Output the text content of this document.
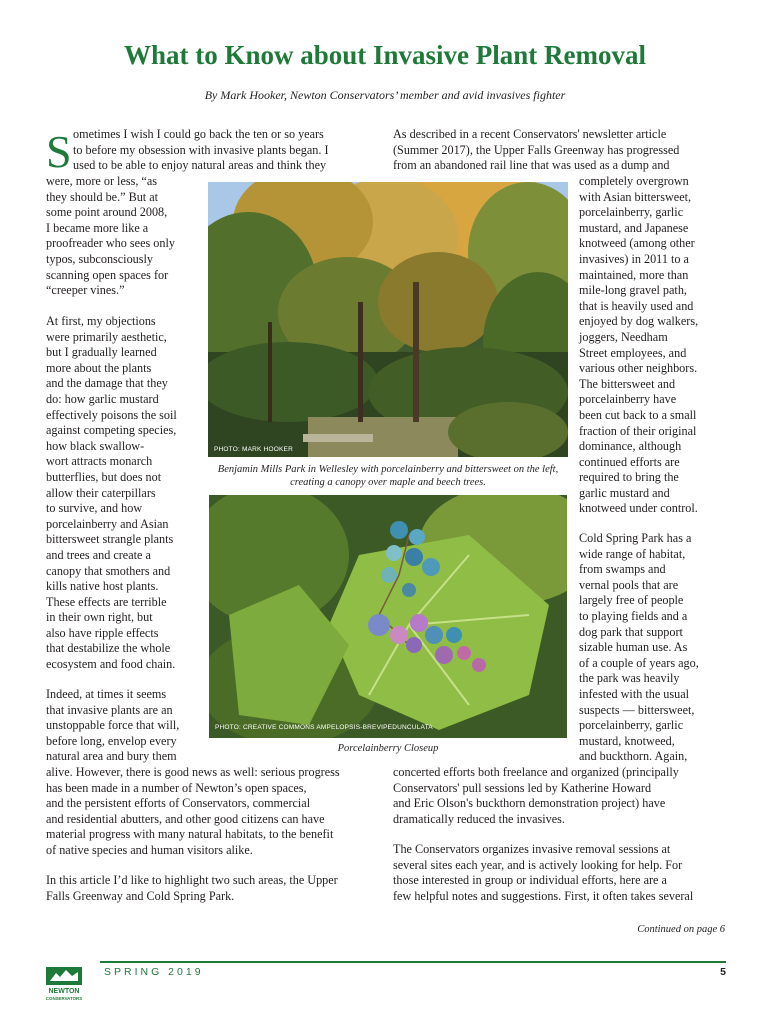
What to Know about Invasive Plant Removal
By Mark Hooker, Newton Conservators’ member and avid invasives fighter
S ometimes I wish I could go back the ten or so years
to before my obsession with invasive plants began. I
used to be able to enjoy natural areas and think they
were, more or less, “as
they should be.” But at
some point around 2008,
I became more like a
proofreader who sees only
typos, subconsciously
scanning open spaces for
“creeper vines.”
At first, my objections
were primarily aesthetic,
but I gradually learned
more about the plants
and the damage that they
do: how garlic mustard
effectively poisons the soil
against competing species,
how black swallow-
wort attracts monarch
butterflies, but does not
allow their caterpillars
to survive, and how
porcelainberry and Asian
bittersweet strangle plants
and trees and create a
canopy that smothers and
kills native host plants.
These effects are terrible
in their own right, but
also have ripple effects
that destabilize the whole
ecosystem and food chain.
Indeed, at times it seems
that invasive plants are an
unstoppable force that will,
before long, envelop every
natural area and bury them
alive. However, there is good news as well: serious progress
has been made in a number of Newton’s open spaces,
and the persistent efforts of Conservators, commercial
and residential abutters, and other good citizens can have
material progress with many natural habitats, to the benefit
of native species and human visitors alike.
In this article I’d like to highlight two such areas, the Upper
Falls Greenway and Cold Spring Park.
As described in a recent Conservators' newsletter article
(Summer 2017), the Upper Falls Greenway has progressed
from an abandoned rail line that was used as a dump and
completely overgrown
with Asian bittersweet,
porcelainberry, garlic
mustard, and Japanese
knotweed (among other
invasives) in 2011 to a
maintained, more than
mile-long gravel path,
that is heavily used and
enjoyed by dog walkers,
joggers, Needham
Street employees, and
various other neighbors.
The bittersweet and
porcelainberry have
been cut back to a small
fraction of their original
dominance, although
continued efforts are
required to bring the
garlic mustard and
knotweed under control.
Cold Spring Park has a
wide range of habitat,
from swamps and
vernal pools that are
largely free of people
to playing fields and a
dog park that support
sizable human use. As
of a couple of years ago,
the park was heavily
infested with the usual
suspects — bittersweet,
porcelainberry, garlic
mustard, knotweed,
and buckthorn. Again,
concerted efforts both freelance and organized (principally
Conservators' pull sessions led by Katherine Howard
and Eric Olson's buckthorn demonstration project) have
dramatically reduced the invasives.
The Conservators organizes invasive removal sessions at
several sites each year, and is actively looking for help. For
those interested in group or individual efforts, here are a
few helpful notes and suggestions. First, it often takes several
PHOTO: MARK HOOKER
Benjamin Mills Park in Wellesley with porcelainberry and bittersweet on the left,
creating a canopy over maple and beech trees.
PHOTO: CREATIVE COMMONS AMPELOPSIS-BREVIPEDUNCULATA
Porcelainberry Closeup
Continued on page 6
NEWTON
CONSERVATORS
SPRING 2019	5
